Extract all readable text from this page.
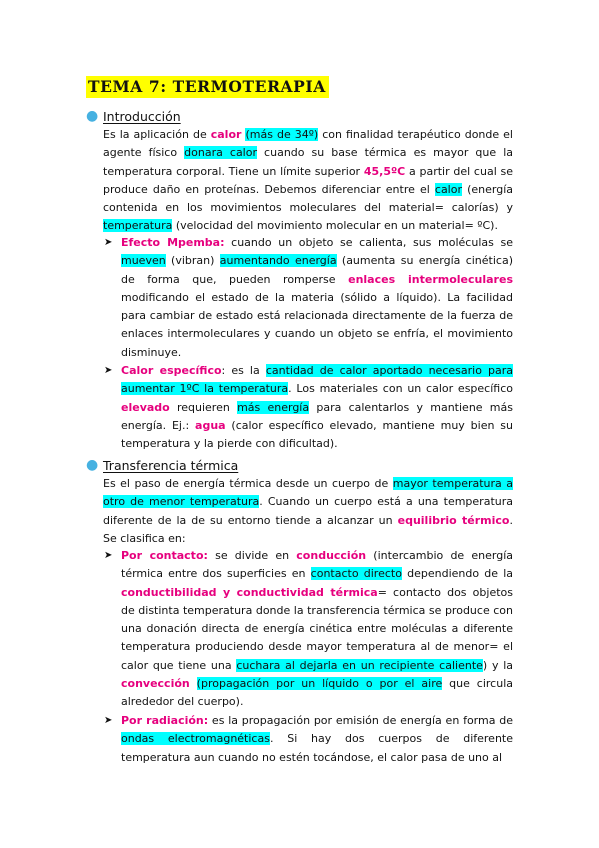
TEMA 7: TERMOTERAPIA
● Introducción
Es la aplicación de calor (más de 34º) con finalidad terapéutico donde el agente físico donara calor cuando su base térmica es mayor que la temperatura corporal. Tiene un límite superior 45,5ºC a partir del cual se produce daño en proteínas. Debemos diferenciar entre el calor (energía contenida en los movimientos moleculares del material= calorías) y temperatura (velocidad del movimiento molecular en un material= ºC).
➤ Efecto Mpemba: cuando un objeto se calienta, sus moléculas se mueven (vibran) aumentando energía (aumenta su energía cinética) de forma que, pueden romperse enlaces intermoleculares modificando el estado de la materia (sólido a líquido). La facilidad para cambiar de estado está relacionada directamente de la fuerza de enlaces intermoleculares y cuando un objeto se enfría, el movimiento disminuye.
➤ Calor específico: es la cantidad de calor aportado necesario para aumentar 1ºC la temperatura. Los materiales con un calor específico elevado requieren más energía para calentarlos y mantiene más energía. Ej.: agua (calor específico elevado, mantiene muy bien su temperatura y la pierde con dificultad).
● Transferencia térmica
Es el paso de energía térmica desde un cuerpo de mayor temperatura a otro de menor temperatura. Cuando un cuerpo está a una temperatura diferente de la de su entorno tiende a alcanzar un equilibrio térmico. Se clasifica en:
➤ Por contacto: se divide en conducción (intercambio de energía térmica entre dos superficies en contacto directo dependiendo de la conductibilidad y conductividad térmica= contacto dos objetos de distinta temperatura donde la transferencia térmica se produce con una donación directa de energía cinética entre moléculas a diferente temperatura produciendo desde mayor temperatura al de menor= el calor que tiene una cuchara al dejarla en un recipiente caliente) y la convección (propagación por un líquido o por el aire que circula alrededor del cuerpo).
➤ Por radiación: es la propagación por emisión de energía en forma de ondas electromagnéticas. Si hay dos cuerpos de diferente temperatura aun cuando no estén tocándose, el calor pasa de uno al
